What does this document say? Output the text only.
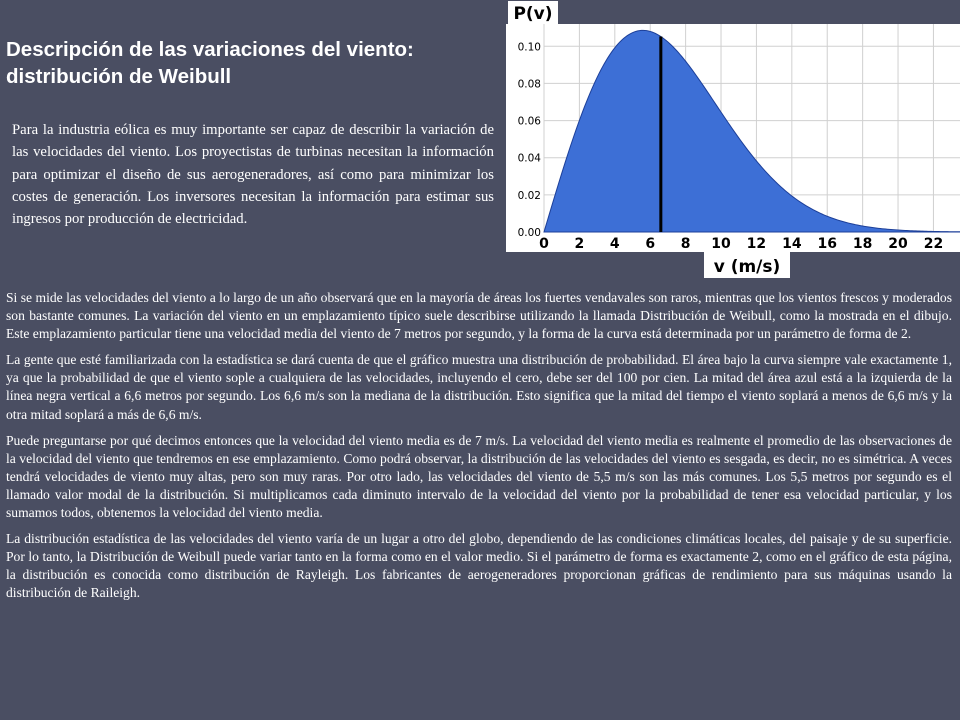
Descripción de las variaciones del viento:
distribución de Weibull

Para la industria eólica es muy importante ser capaz de describir la variación de las velocidades del viento. Los proyectistas de turbinas necesitan la información para optimizar el diseño de sus aerogeneradores, así como para minimizar los costes de generación. Los inversores necesitan la información para estimar sus ingresos por producción de electricidad.

0.00
0.02
0.04
0.06
0.08
0.10
0 2 4 6 8 10 12 14 16 18 20 22
P(v)
v (m/s)

Si se mide las velocidades del viento a lo largo de un año observará que en la mayoría de áreas los fuertes vendavales son raros, mientras que los vientos frescos y moderados son bastante comunes. La variación del viento en un emplazamiento típico suele describirse utilizando la llamada Distribución de Weibull, como la mostrada en el dibujo. Este emplazamiento particular tiene una velocidad media del viento de 7 metros por segundo, y la forma de la curva está determinada por un parámetro de forma de 2.

La gente que esté familiarizada con la estadística se dará cuenta de que el gráfico muestra una distribución de probabilidad. El área bajo la curva siempre vale exactamente 1, ya que la probabilidad de que el viento sople a cualquiera de las velocidades, incluyendo el cero, debe ser del 100 por cien. La mitad del área azul está a la izquierda de la línea negra vertical a 6,6 metros por segundo. Los 6,6 m/s son la mediana de la distribución. Esto significa que la mitad del tiempo el viento soplará a menos de 6,6 m/s y la otra mitad soplará a más de 6,6 m/s.

Puede preguntarse por qué decimos entonces que la velocidad del viento media es de 7 m/s. La velocidad del viento media es realmente el promedio de las observaciones de la velocidad del viento que tendremos en ese emplazamiento. Como podrá observar, la distribución de las velocidades del viento es sesgada, es decir, no es simétrica. A veces tendrá velocidades de viento muy altas, pero son muy raras. Por otro lado, las velocidades del viento de 5,5 m/s son las más comunes. Los 5,5 metros por segundo es el llamado valor modal de la distribución. Si multiplicamos cada diminuto intervalo de la velocidad del viento por la probabilidad de tener esa velocidad particular, y los sumamos todos, obtenemos la velocidad del viento media.

La distribución estadística de las velocidades del viento varía de un lugar a otro del globo, dependiendo de las condiciones climáticas locales, del paisaje y de su superficie. Por lo tanto, la Distribución de Weibull puede variar tanto en la forma como en el valor medio. Si el parámetro de forma es exactamente 2, como en el gráfico de esta página, la distribución es conocida como distribución de Rayleigh. Los fabricantes de aerogeneradores proporcionan gráficas de rendimiento para sus máquinas usando la distribución de Raileigh.
